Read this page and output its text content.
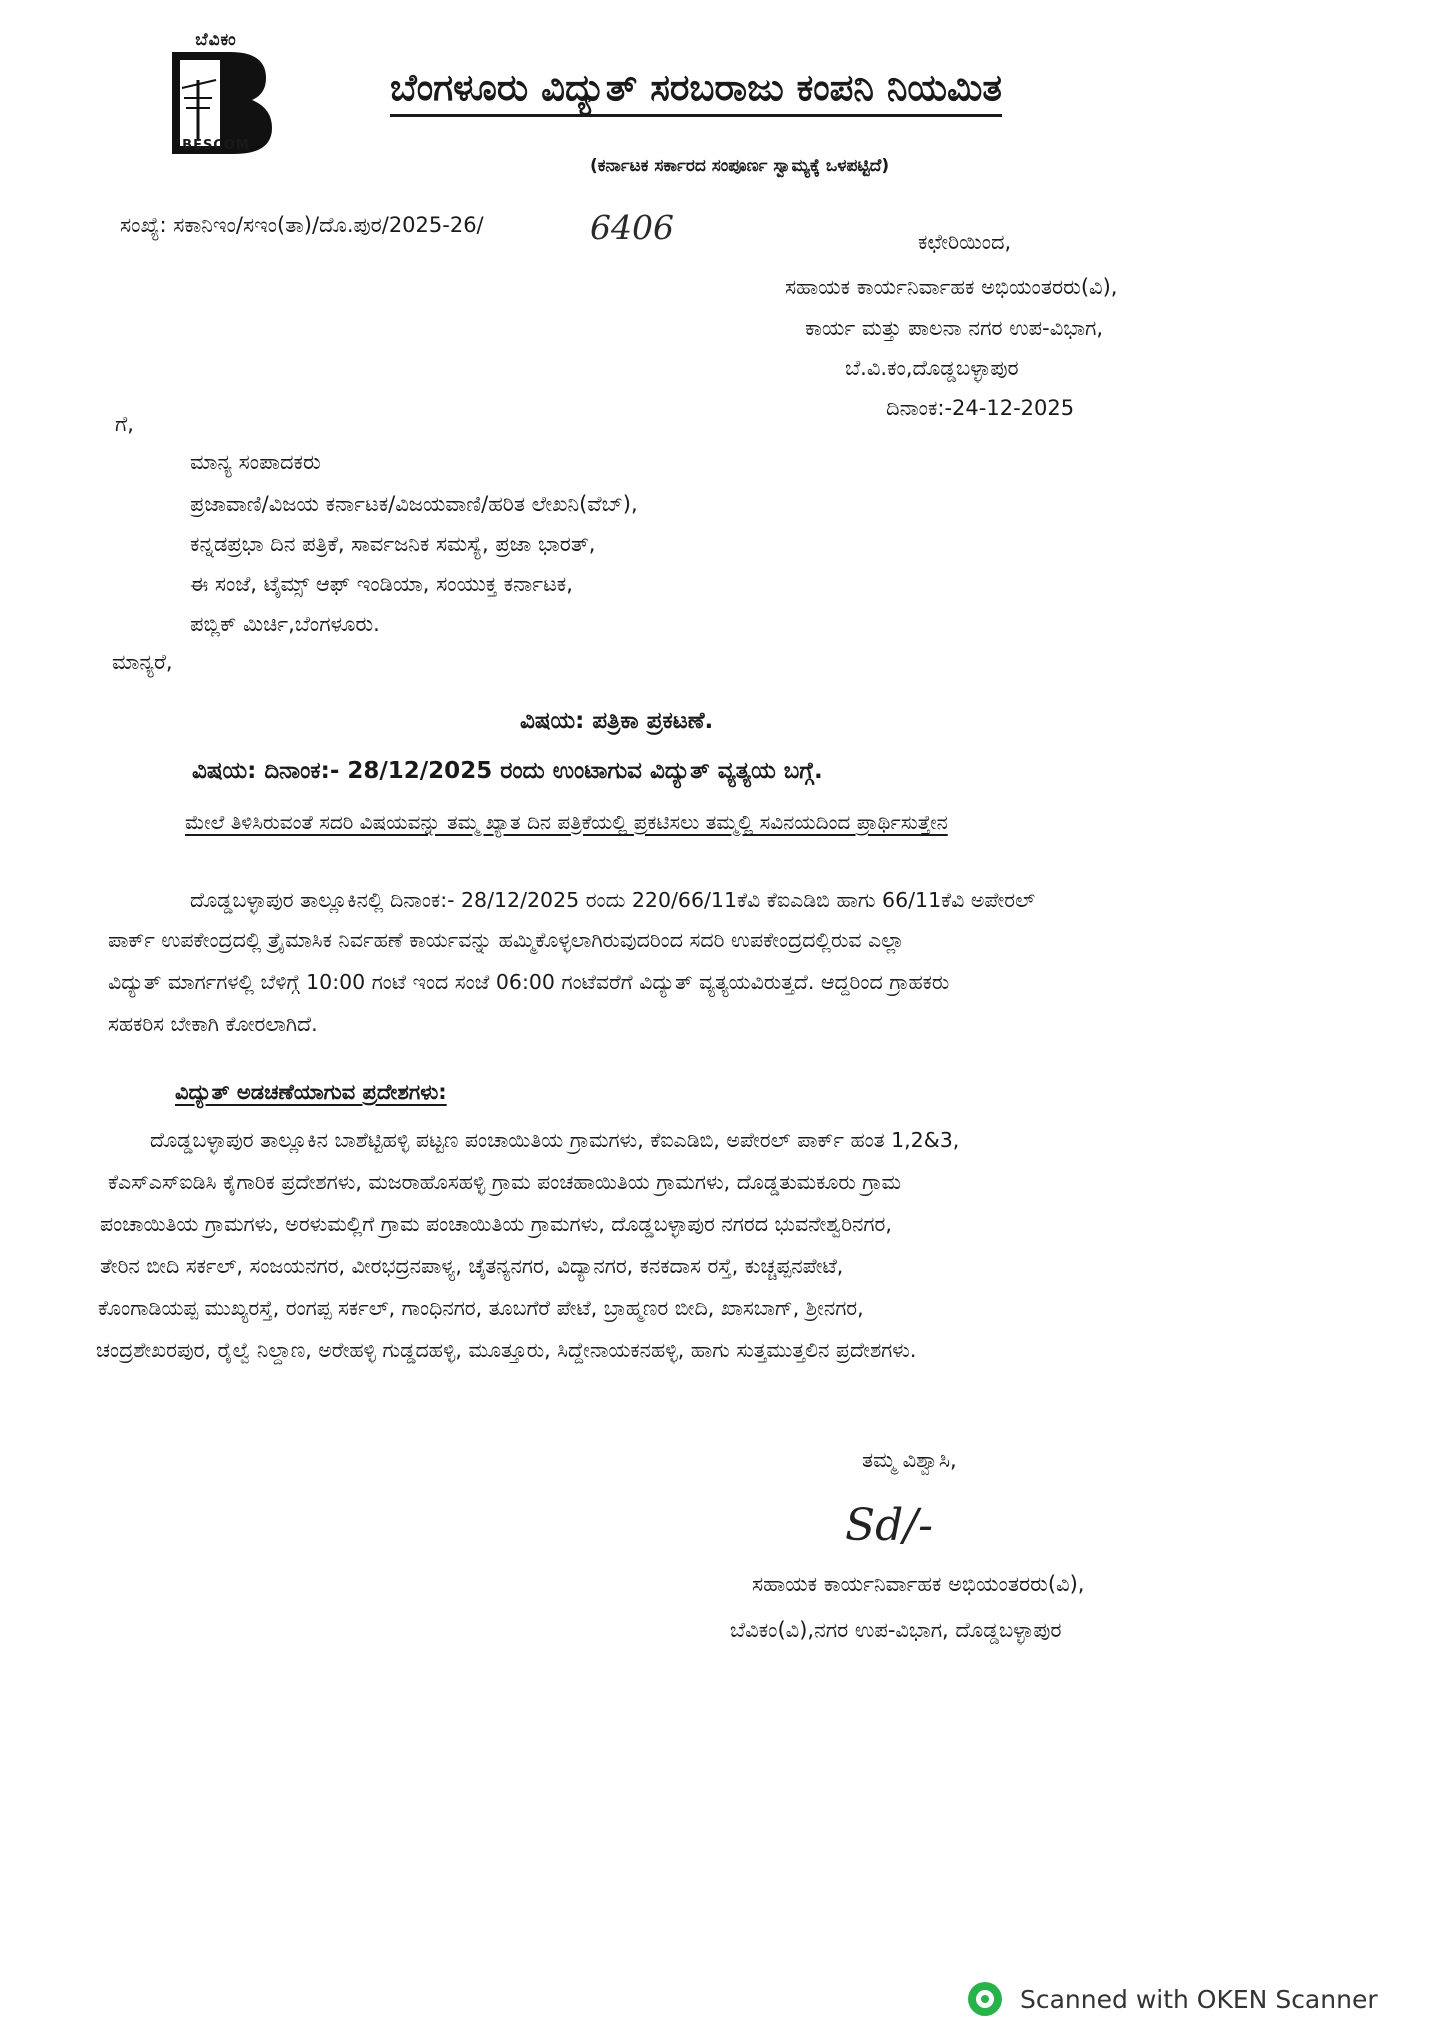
ಬೆವಿಕಂ
BESCOM
ಬೆಂಗಳೂರು ವಿದ್ಯುತ್ ಸರಬರಾಜು ಕಂಪನಿ ನಿಯಮಿತ
(ಕರ್ನಾಟಕ ಸರ್ಕಾರದ ಸಂಪೂರ್ಣ ಸ್ವಾಮ್ಯಕ್ಕೆ ಒಳಪಟ್ಟಿದೆ)
ಸಂಖ್ಯೆ: ಸಕಾನಿಇಂ/ಸಇಂ(ತಾ)/ದೊ.ಪುರ/2025-26/	6406	ಕಛೇರಿಯಿಂದ,
ಸಹಾಯಕ ಕಾರ್ಯನಿರ್ವಾಹಕ ಅಭಿಯಂತರರು(ವಿ),
ಕಾರ್ಯ ಮತ್ತು ಪಾಲನಾ ನಗರ ಉಪ-ವಿಭಾಗ,
ಬೆ.ವಿ.ಕಂ,ದೊಡ್ಡಬಳ್ಳಾಪುರ
ದಿನಾಂಕ:-24-12-2025
ಗೆ,
ಮಾನ್ಯ ಸಂಪಾದಕರು
ಪ್ರಜಾವಾಣಿ/ವಿಜಯ ಕರ್ನಾಟಕ/ವಿಜಯವಾಣಿ/ಹರಿತ ಲೇಖನಿ(ವೆಬ್),
ಕನ್ನಡಪ್ರಭಾ ದಿನ ಪತ್ರಿಕೆ, ಸಾರ್ವಜನಿಕ ಸಮಸ್ಯೆ, ಪ್ರಜಾ ಭಾರತ್,
ಈ ಸಂಜೆ, ಟೈಮ್ಸ್ ಆಫ್ ಇಂಡಿಯಾ, ಸಂಯುಕ್ತ ಕರ್ನಾಟಕ,
ಪಬ್ಲಿಕ್ ಮಿರ್ಚಿ,ಬೆಂಗಳೂರು.
ಮಾನ್ಯರೆ,
ವಿಷಯ: ಪತ್ರಿಕಾ ಪ್ರಕಟಣೆ.
ವಿಷಯ: ದಿನಾಂಕ:- 28/12/2025 ರಂದು ಉಂಟಾಗುವ ವಿದ್ಯುತ್ ವ್ಯತ್ಯಯ ಬಗ್ಗೆ.
ಮೇಲೆ ತಿಳಿಸಿರುವಂತೆ ಸದರಿ ವಿಷಯವನ್ನು ತಮ್ಮ ಖ್ಯಾತ ದಿನ ಪತ್ರಿಕೆಯಲ್ಲಿ ಪ್ರಕಟಿಸಲು ತಮ್ಮಲ್ಲಿ ಸವಿನಯದಿಂದ ಪ್ರಾರ್ಥಿಸುತ್ತೇನ
ದೊಡ್ಡಬಳ್ಳಾಪುರ ತಾಲ್ಲೂಕಿನಲ್ಲಿ ದಿನಾಂಕ:- 28/12/2025 ರಂದು 220/66/11ಕೆವಿ ಕೆಐಎಡಿಬಿ ಹಾಗು 66/11ಕೆವಿ ಅಪೇರಲ್
ಪಾರ್ಕ್ ಉಪಕೇಂದ್ರದಲ್ಲಿ ತ್ರೈಮಾಸಿಕ ನಿರ್ವಹಣೆ ಕಾರ್ಯವನ್ನು ಹಮ್ಮಿಕೊಳ್ಳಲಾಗಿರುವುದರಿಂದ ಸದರಿ ಉಪಕೇಂದ್ರದಲ್ಲಿರುವ ಎಲ್ಲಾ
ವಿದ್ಯುತ್ ಮಾರ್ಗಗಳಲ್ಲಿ ಬೆಳಿಗ್ಗೆ 10:00 ಗಂಟೆ ಇಂದ ಸಂಜೆ 06:00 ಗಂಟೆವರೆಗೆ ವಿದ್ಯುತ್ ವ್ಯತ್ಯಯವಿರುತ್ತದೆ. ಆದ್ದರಿಂದ ಗ್ರಾಹಕರು
ಸಹಕರಿಸ ಬೇಕಾಗಿ ಕೋರಲಾಗಿದೆ.
ವಿದ್ಯುತ್ ಅಡಚಣೆಯಾಗುವ ಪ್ರದೇಶಗಳು:
ದೊಡ್ಡಬಳ್ಳಾಪುರ ತಾಲ್ಲೂಕಿನ ಬಾಶೆಟ್ಟಿಹಳ್ಳಿ ಪಟ್ಟಣ ಪಂಚಾಯಿತಿಯ ಗ್ರಾಮಗಳು, ಕೆಐಎಡಿಬಿ, ಅಪೇರಲ್ ಪಾರ್ಕ್ ಹಂತ 1,2&3,
ಕೆಎಸ್ಎಸ್ಐಡಿಸಿ ಕೈಗಾರಿಕ ಪ್ರದೇಶಗಳು, ಮಜರಾಹೊಸಹಳ್ಳಿ ಗ್ರಾಮ ಪಂಚಹಾಯಿತಿಯ ಗ್ರಾಮಗಳು, ದೊಡ್ಡತುಮಕೂರು ಗ್ರಾಮ
ಪಂಚಾಯಿತಿಯ ಗ್ರಾಮಗಳು, ಅರಳುಮಲ್ಲಿಗೆ ಗ್ರಾಮ ಪಂಚಾಯಿತಿಯ ಗ್ರಾಮಗಳು, ದೊಡ್ಡಬಳ್ಳಾಪುರ ನಗರದ ಭುವನೇಶ್ವರಿನಗರ,
ತೇರಿನ ಬೀದಿ ಸರ್ಕಲ್, ಸಂಜಯನಗರ, ವೀರಭದ್ರನಪಾಳ್ಯ, ಚೈತನ್ಯನಗರ, ವಿದ್ಯಾನಗರ, ಕನಕದಾಸ ರಸ್ತೆ, ಕುಚ್ಚಪ್ಪನಪೇಟೆ,
ಕೊಂಗಾಡಿಯಪ್ಪ ಮುಖ್ಯರಸ್ತೆ, ರಂಗಪ್ಪ ಸರ್ಕಲ್, ಗಾಂಧಿನಗರ, ತೂಬಗೆರೆ ಪೇಟೆ, ಬ್ರಾಹ್ಮಣರ ಬೀದಿ, ಖಾಸಬಾಗ್, ಶ್ರೀನಗರ,
ಚಂದ್ರಶೇಖರಪುರ, ರೈಲ್ವೆ ನಿಲ್ದಾಣ, ಅರೇಹಳ್ಳಿ ಗುಡ್ಡದಹಳ್ಳಿ, ಮೂತ್ತೂರು, ಸಿದ್ದೇನಾಯಕನಹಳ್ಳಿ, ಹಾಗು ಸುತ್ತಮುತ್ತಲಿನ ಪ್ರದೇಶಗಳು.
ತಮ್ಮ ವಿಶ್ವಾಸಿ,
Sd/-
ಸಹಾಯಕ ಕಾರ್ಯನಿರ್ವಾಹಕ ಅಭಿಯಂತರರು(ವಿ),
ಬೆವಿಕಂ(ವಿ),ನಗರ ಉಪ-ವಿಭಾಗ, ದೊಡ್ಡಬಳ್ಳಾಪುರ
Scanned with OKEN Scanner
